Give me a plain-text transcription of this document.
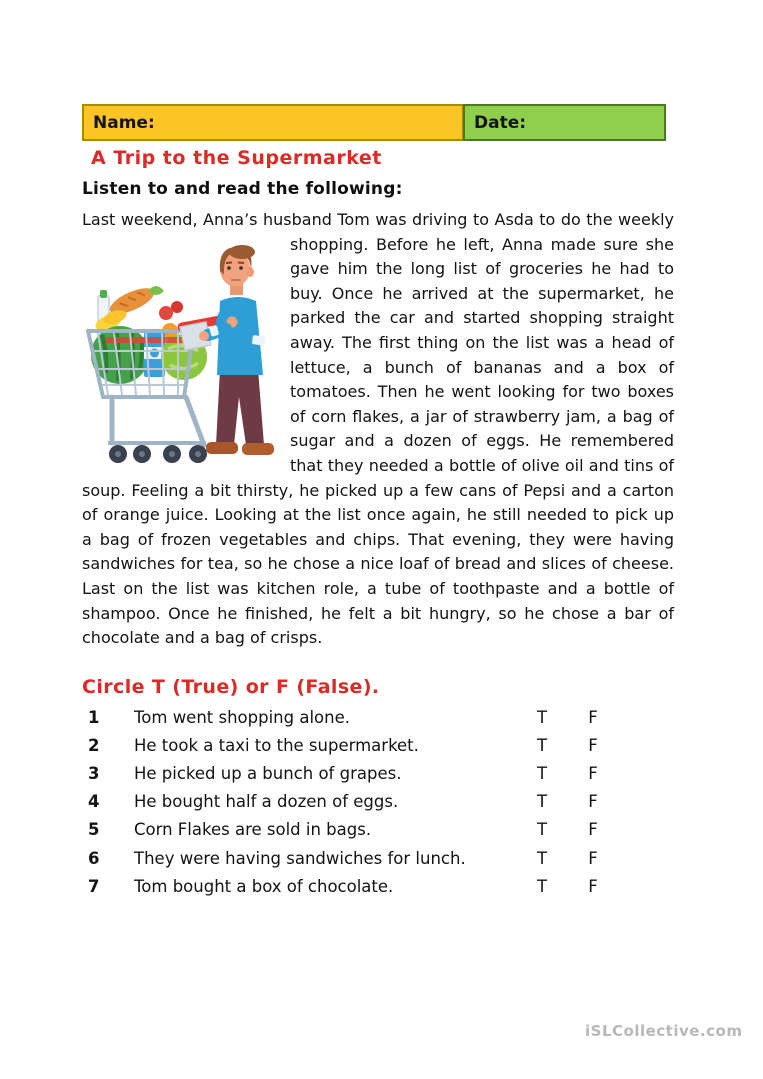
Name:	Date:
A Trip to the Supermarket
Listen to and read the following:
Last weekend, Anna’s husband Tom was driving to Asda to do the weekly shopping. Before he left, Anna made sure she gave him the long list of groceries he had to buy. Once he arrived at the supermarket, he parked the car and started shopping straight away. The first thing on the list was a head of lettuce, a bunch of bananas and a box of tomatoes. Then he went looking for two boxes of corn flakes, a jar of strawberry jam, a bag of sugar and a dozen of eggs. He remembered that they needed a bottle of olive oil and tins of soup. Feeling a bit thirsty, he picked up a few cans of Pepsi and a carton of orange juice. Looking at the list once again, he still needed to pick up a bag of frozen vegetables and chips. That evening, they were having sandwiches for tea, so he chose a nice loaf of bread and slices of cheese. Last on the list was kitchen role, a tube of toothpaste and a bottle of shampoo. Once he finished, he felt a bit hungry, so he chose a bar of chocolate and a bag of crisps.
Circle T (True) or F (False).
1	Tom went shopping alone.	T	F
2	He took a taxi to the supermarket.	T	F
3	He picked up a bunch of grapes.	T	F
4	He bought half a dozen of eggs.	T	F
5	Corn Flakes are sold in bags.	T	F
6	They were having sandwiches for lunch.	T	F
7	Tom bought a box of chocolate.	T	F
iSLCollective.com
